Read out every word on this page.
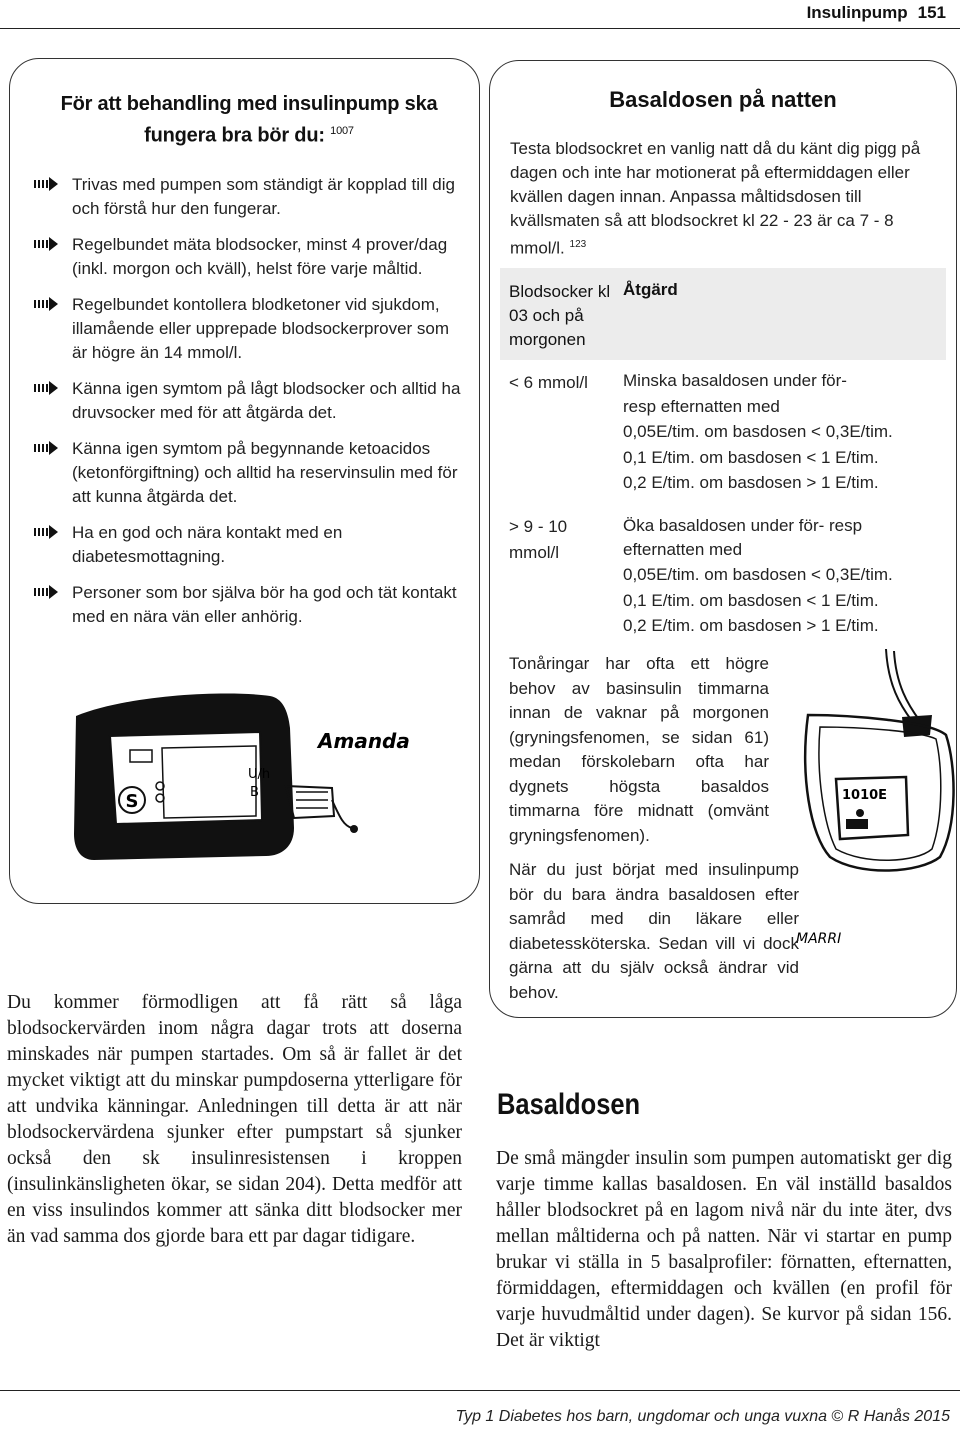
Insulinpump 151
För att behandling med insulinpump ska fungera bra bör du: $^{1007}$
Trivas med pumpen som ständigt är kopplad till dig och förstå hur den fungerar.
Regelbundet mäta blodsocker, minst 4 prover/dag (inkl. morgon och kväll), helst före varje måltid.
Regelbundet kontollera blodketoner vid sjukdom, illamående eller upprepade blodsockerprover som är högre än 14 mmol/l.
Känna igen symtom på lågt blodsocker och alltid ha druvsocker med för att åtgärda det.
Känna igen symtom på begynnande ketoacidos (ketonförgiftning) och alltid ha reservinsulin med för att kunna åtgärda det.
Ha en god och nära kontakt med en diabetesmottagning.
Personer som bor själva bör ha god och tät kontakt med en nära vän eller anhörig.
S
U/h
B
Amanda
Du kommer förmodligen att få rätt så låga blodsockervärden inom några dagar trots att doserna minskades när pumpen startades. Om så är fallet är det mycket viktigt att du minskar pumpdoserna ytterligare för att undvika känningar. Anledningen till detta är att när blodsockervärdena sjunker efter pumpstart så sjunker också den sk insulinresistensen i kroppen (insulinkänsligheten ökar, se sidan 204). Detta medför att en viss insulindos kommer att sänka ditt blodsocker mer än vad samma dos gjorde bara ett par dagar tidigare.
Basaldosen på natten
Testa blodsockret en vanlig natt då du känt dig pigg på dagen och inte har motionerat på eftermiddagen eller kvällen dagen innan. Anpassa måltidsdosen till kvällsmaten så att blodsockret kl 22 - 23 är ca 7 - 8 mmol/l. $^{123}$
Blodsocker kl 03 och på morgonen
Åtgärd
< 6 mmol/l Minska basaldosen under för- resp efternatten med
0,05E/tim. om basdosen < 0,3E/tim.
0,1 E/tim. om basdosen < 1 E/tim.
0,2 E/tim. om basdosen > 1 E/tim.
> 9 - 10 mmol/l
Öka basaldosen under för- resp efternatten med
0,05E/tim. om basdosen < 0,3E/tim.
0,1 E/tim. om basdosen < 1 E/tim.
0,2 E/tim. om basdosen > 1 E/tim.
Tonåringar har ofta ett högre behov av basinsulin timmarna innan de vaknar på morgonen (gryningsfenomen, se sidan 61) medan förskolebarn ofta har dygnets högsta basaldos timmarna före midnatt (omvänt gryningsfenomen).
1010E
MARRI
När du just börjat med insulinpump bör du bara ändra basaldosen efter samråd med din läkare eller diabetessköterska. Sedan vill vi dock gärna att du själv också ändrar vid behov.
Basaldosen
De små mängder insulin som pumpen automatiskt ger dig varje timme kallas basaldosen. En väl inställd basaldos håller blodsockret på en lagom nivå när du inte äter, dvs mellan måltiderna och på natten. När vi startar en pump brukar vi ställa in 5 basalprofiler: förnatten, efternatten, förmiddagen, eftermiddagen och kvällen (en profil för varje huvudmåltid under dagen). Se kurvor på sidan 156. Det är viktigt
Typ 1 Diabetes hos barn, ungdomar och unga vuxna © R Hanås 2015
